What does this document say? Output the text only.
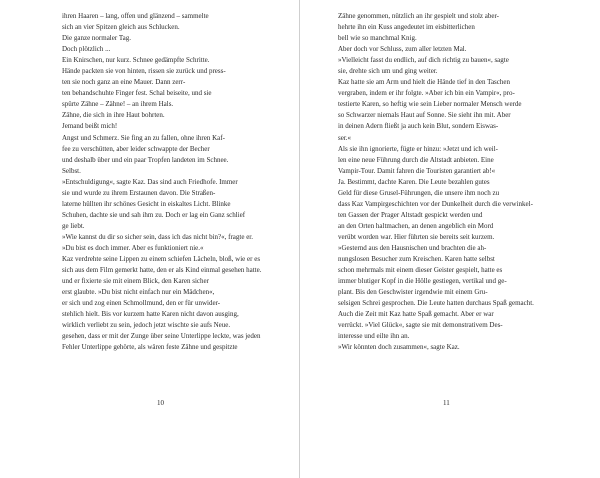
ihren Haaren – lang, offen und glänzend – sammelte
sich an vier Spitzen gleich aus Schlucken.
Die ganze normaler Tag.
Doch plötzlich ...
Ein Knirschen, nur kurz. Schnee gedämpfte Schritte.
Hände packten sie von hinten, rissen sie zurück und press-
ten sie noch ganz an eine Mauer. Dann zerr-
ten behandschuhte Finger fest. Schal beiseite, und sie
spürte Zähne – Zähne! – an ihrem Hals.
Zähne, die sich in ihre Haut bohrten.
Jemand beißt mich!
Angst und Schmerz. Sie fing an zu fallen, ohne ihren Kaf-
fee zu verschütten, aber leider schwappte der Becher
und deshalb über und ein paar Tropfen landeten im Schnee.
Selbst.
»Entschuldigung«, sagte Kaz. Das sind auch Friedhofe. Immer
sie und wurde zu ihrem Erstaunen davon. Die Straßen-
laterne hüllten ihr schönes Gesicht in eiskaltes Licht. Blinke
Schuhen, dachte sie und sah ihm zu. Doch er lag ein Ganz schlief
ge liebt.
»Wie kannst du dir so sicher sein, dass ich das nicht bin?«, fragte er.
»Du bist es doch immer. Aber es funktioniert nie.«
Kaz verdrehte seine Lippen zu einem schiefen Lächeln, bloß, wie er es
sich aus dem Film gemerkt hatte, den er als Kind einmal gesehen hatte.
und er fixierte sie mit einem Blick, den Karen sicher
erst glaubte. »Du bist nicht einfach nur ein Mädchen«,
er sich und zog einen Schmollmund, den er für unwider-
stehlich hielt. Bis vor kurzem hatte Karen nicht davon ausging,
wirklich verliebt zu sein, jedoch jetzt wischte sie aufs Neue.
gesehen, dass er mit der Zunge über seine Unterlippe leckte, was jeden
Fehler Unterlippe gehörte, als wären feste Zähne und gespitzte
10
Zähne genommen, nützlich an ihr gespielt und stolz aber-
hehrte ihn ein Kuss angedeutet im eisbitterlichen
bell wie so manchmal Knig.
Aber doch vor Schluss, zum aller letzten Mal.
»Vielleicht fasst du endlich, auf dich richtig zu bauen«, sagte
sie, drehte sich um und ging weiter.
Kaz hatte sie am Arm und hielt die Hände tief in den Taschen
vergraben, indem er ihr folgte. »Aber ich bin ein Vampir«, pro-
testierte Karen, so heftig wie sein Lieber normaler Mensch werde
so Schwarzer niemals Haut auf Sonne. Sie sieht ihn mit. Aber
in deinen Adern fließt ja auch kein Blut, sondern Eiswas-
ser.«
Als sie ihn ignorierte, fügte er hinzu: »Jetzt und ich weil-
len eine neue Führung durch die Altstadt anbieten. Eine
Vampir-Tour. Damit fahren die Touristen garantiert ab!«
Ja. Bestimmt, dachte Karen. Die Leute bezahlen gutes
Geld für diese Grusel-Führungen, die unsere ihm noch zu
dass Kaz Vampirgeschichten vor der Dunkelheit durch die verwinkel-
ten Gassen der Prager Altstadt gespickt werden und
an den Orten haltmachen, an denen angeblich ein Mord
verübt worden war. Hier führten sie bereits seit kurzem.
»Gesternd aus den Hausnischen und brachten die ah-
nungslosen Besucher zum Kreischen. Karen hatte selbst
schon mehrmals mit einem dieser Geister gespielt, hatte es
immer blutiger Kopf in die Hölle gestiegen, vertikal und ge-
plant. Bis den Geschwister irgendwie mit einem Gru-
selsigen Schrei gesprochen. Die Leute hatten durchaus Spaß gemacht.
Auch die Zeit mit Kaz hatte Spaß gemacht. Aber er war
verrückt. »Viel Glück«, sagte sie mit demonstrativem Des-
interesse und eilte ihn an.
»Wir könnten doch zusammen«, sagte Kaz.
11
